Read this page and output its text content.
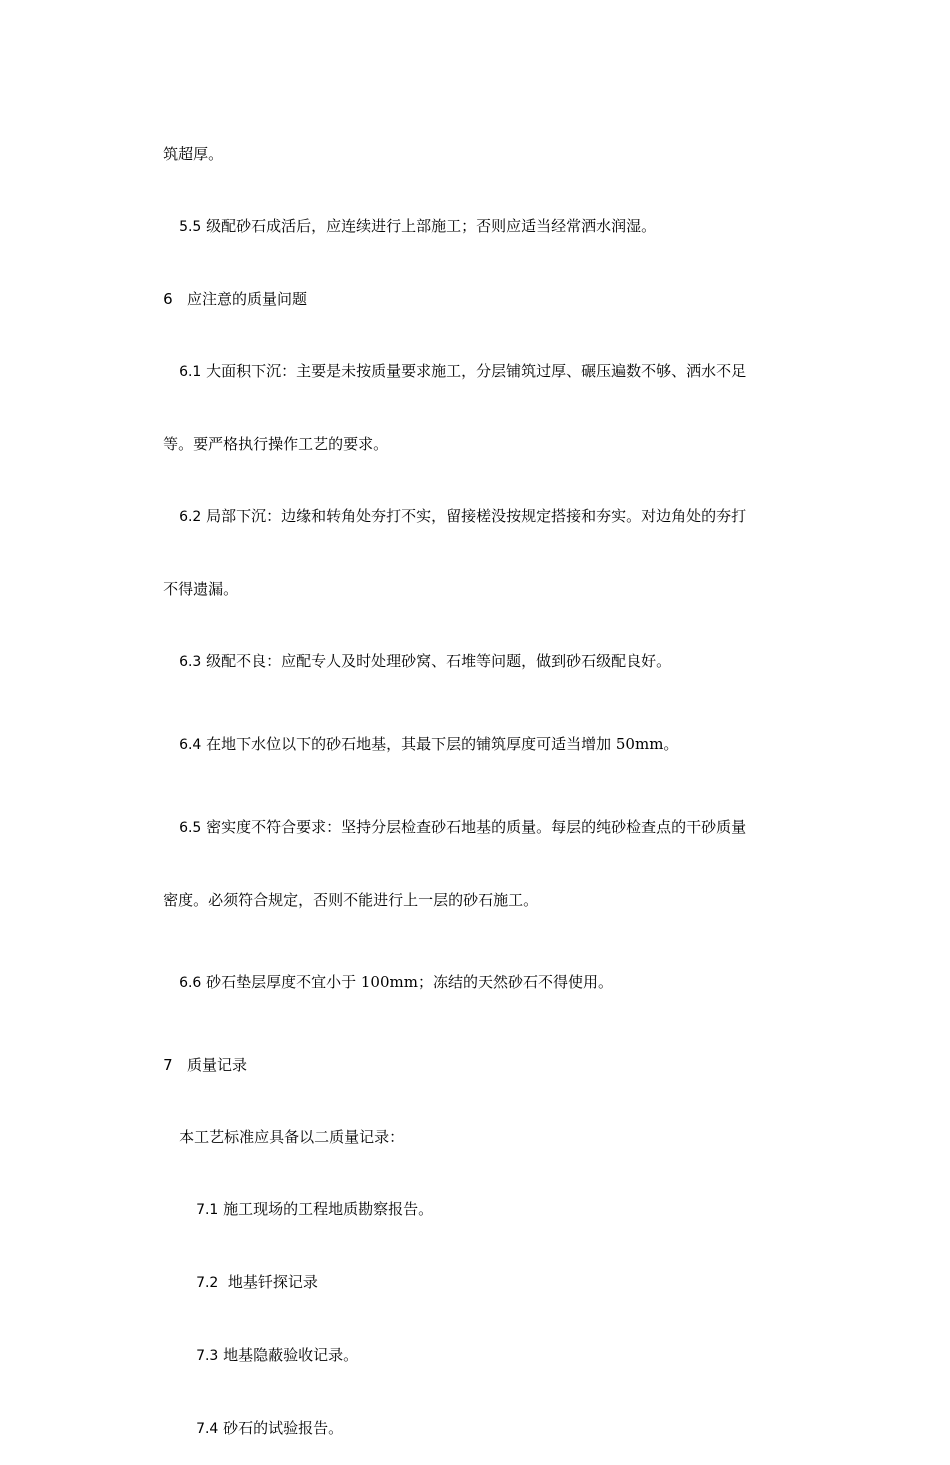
筑超厚。

5.5 级配砂石成活后，应连续进行上部施工；否则应适当经常洒水润湿。

6 应注意的质量问题

6.1 大面积下沉：主要是未按质量要求施工，分层铺筑过厚、碾压遍数不够、洒水不足

等。要严格执行操作工艺的要求。

6.2 局部下沉：边缘和转角处夯打不实，留接槎没按规定搭接和夯实。对边角处的夯打

不得遗漏。

6.3 级配不良：应配专人及时处理砂窝、石堆等问题，做到砂石级配良好。

6.4 在地下水位以下的砂石地基，其最下层的铺筑厚度可适当增加 50mm。

6.5 密实度不符合要求：坚持分层检查砂石地基的质量。每层的纯砂检查点的干砂质量

密度。必须符合规定，否则不能进行上一层的砂石施工。

6.6 砂石垫层厚度不宜小于 100mm；冻结的天然砂石不得使用。

7 质量记录

本工艺标准应具备以二质量记录：

7.1 施工现场的工程地质勘察报告。

7.2  地基钎探记录

7.3 地基隐蔽验收记录。

7.4 砂石的试验报告。
